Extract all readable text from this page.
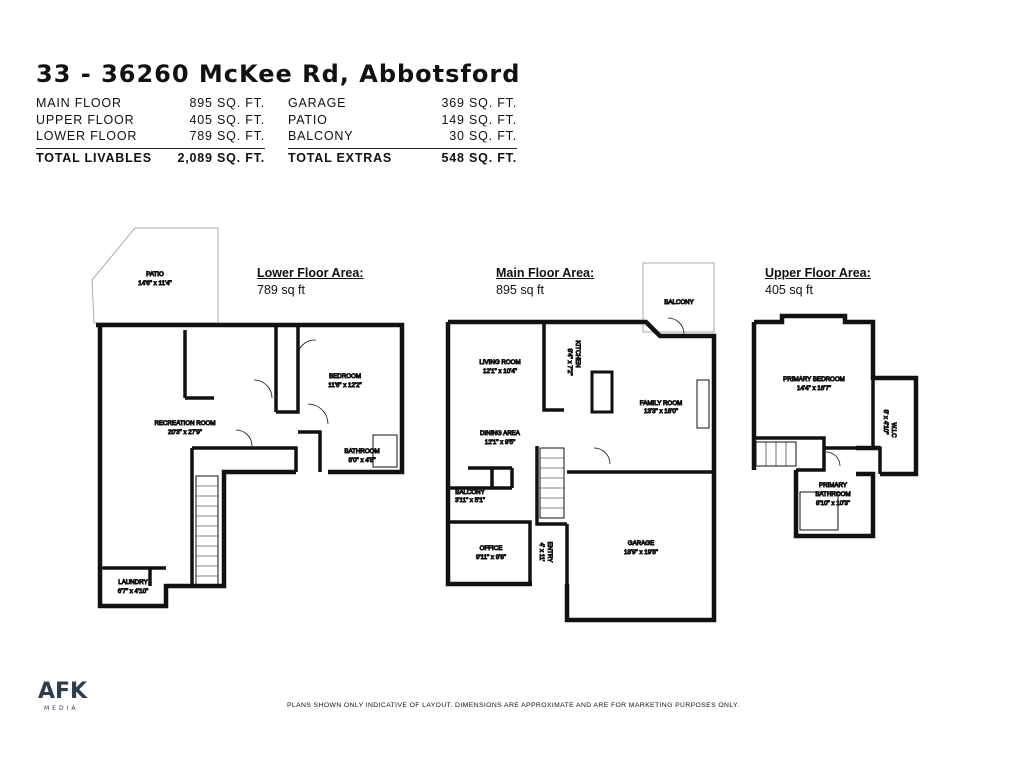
33 - 36260 McKee Rd, Abbotsford
MAIN FLOOR	895 SQ. FT.
UPPER FLOOR	405 SQ. FT.
LOWER FLOOR	789 SQ. FT.
TOTAL LIVABLES 2,089 SQ. FT.
GARAGE	369 SQ. FT.
PATIO	149 SQ. FT.
BALCONY	30 SQ. FT.
TOTAL EXTRAS	548 SQ. FT.
Lower Floor Area:
789 sq ft
Main Floor Area:
895 sq ft
Upper Floor Area:
405 sq ft
PATIO
14'6" x 11'4"
BEDROOM
11'6" x 12'2"
RECREATION ROOM
20'3" x 27'9"
BATHROOM
8'0" x 4'8"
LAUNDRY
6'7" x 4'10"
BALCONY
LIVING ROOM
12'1" x 10'4"
KITCHEN
8'4" x 7'2"
FAMILY ROOM
13'3" x 18'0"
DINING AREA
12'1" x 9'5"
BALCONY
3'11" x 5'1"
OFFICE
9'11" x 9'8"	ENTRY
4' x 11'	GARAGE
18'9" x 19'8"
PRIMARY BEDROOM
14'4" x 16'7"
W.I.C
8' x 4'10"
PRIMARY
BATHROOM
8'10" x 10'3"
AFK
MEDIA	PLANS SHOWN ONLY INDICATIVE OF LAYOUT. DIMENSIONS ARE APPROXIMATE AND ARE FOR MARKETING PURPOSES ONLY.
